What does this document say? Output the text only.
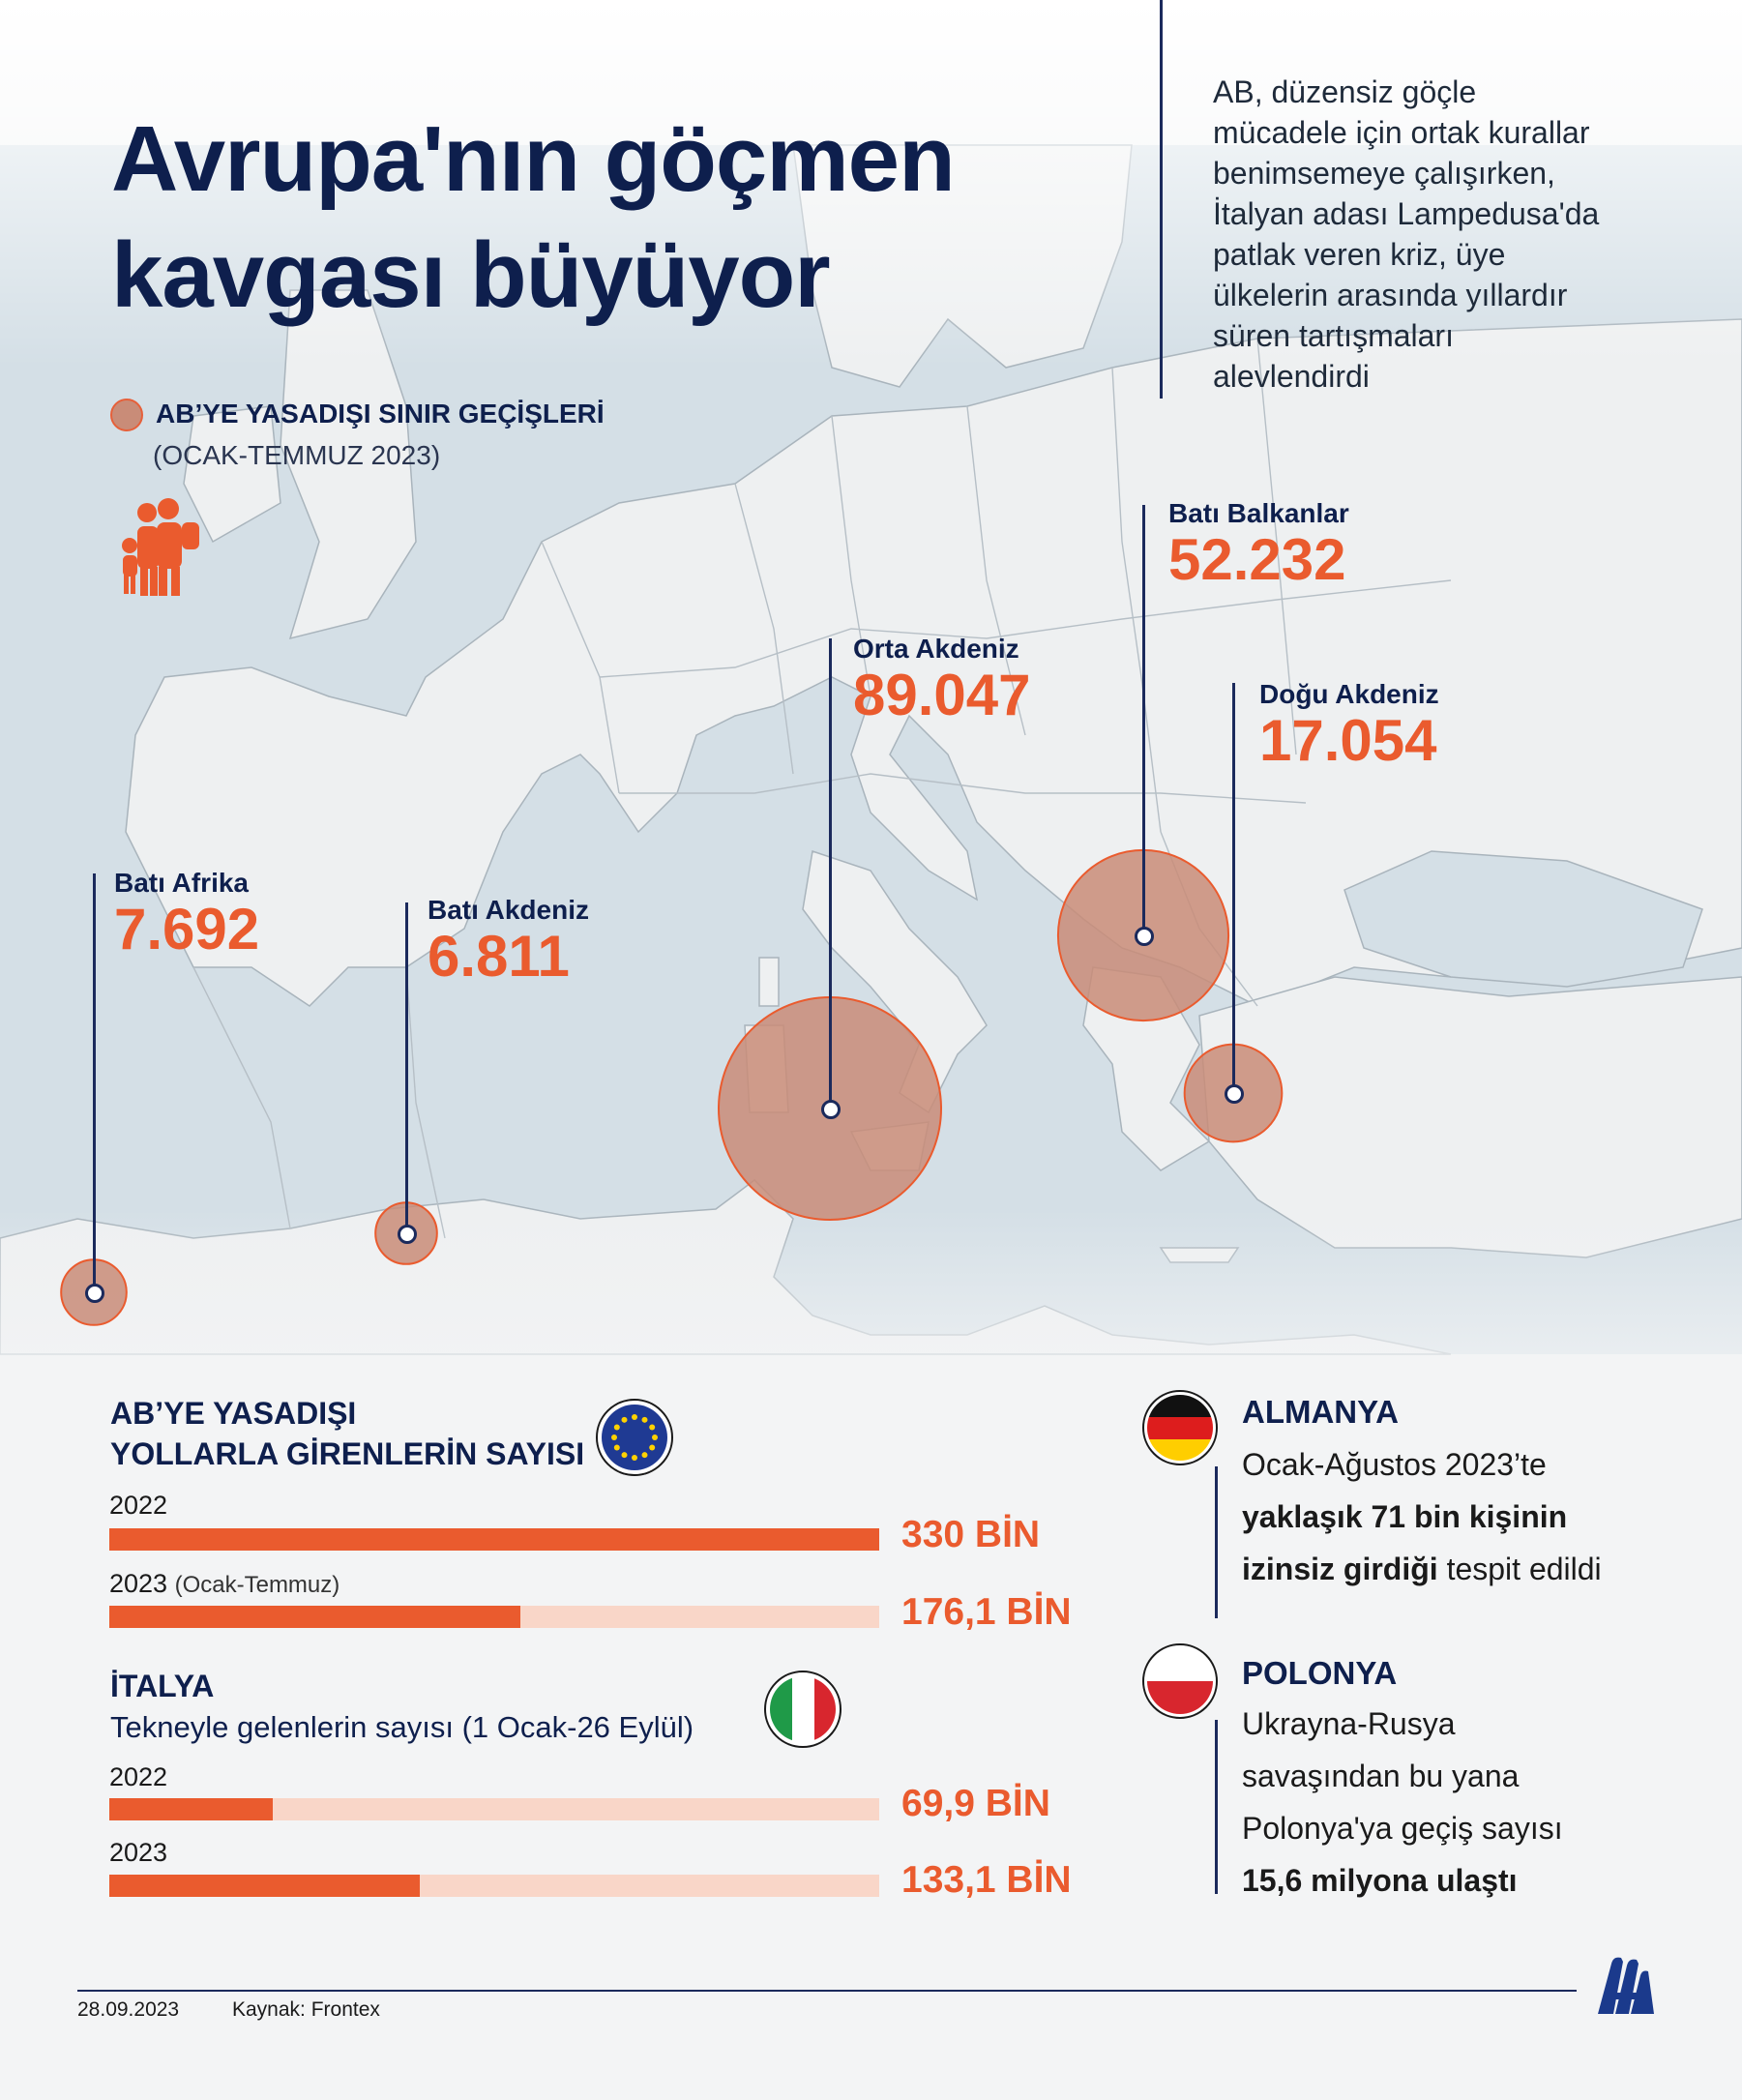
Avrupa'nın göçmen
kavgası büyüyor
AB, düzensiz göçle
mücadele için ortak kurallar
benimsemeye çalışırken,
İtalyan adası Lampedusa'da
patlak veren kriz, üye
ülkelerin arasında yıllardır
süren tartışmaları
alevlendirdi
AB’YE YASADIŞI SINIR GEÇİŞLERİ
(OCAK-TEMMUZ 2023)
Batı Afrika
7.692	Batı Akdeniz
6.811
Orta Akdeniz
89.047
Batı Balkanlar
52.232
Doğu Akdeniz
17.054
AB’YE YASADIŞI
YOLLARLA GİRENLERİN SAYISI
2022
330 BİN
2023 (Ocak-Temmuz)
176,1 BİN
İTALYA
Tekneyle gelenlerin sayısı (1 Ocak-26 Eylül)
2022
69,9 BİN
2023
133,1 BİN
ALMANYA
Ocak-Ağustos 2023’te
yaklaşık 71 bin kişinin
izinsiz girdiği tespit edildi
POLONYA
Ukrayna-Rusya
savaşından bu yana
Polonya'ya geçiş sayısı
15,6 milyona ulaştı
28.09.2023	Kaynak: Frontex
